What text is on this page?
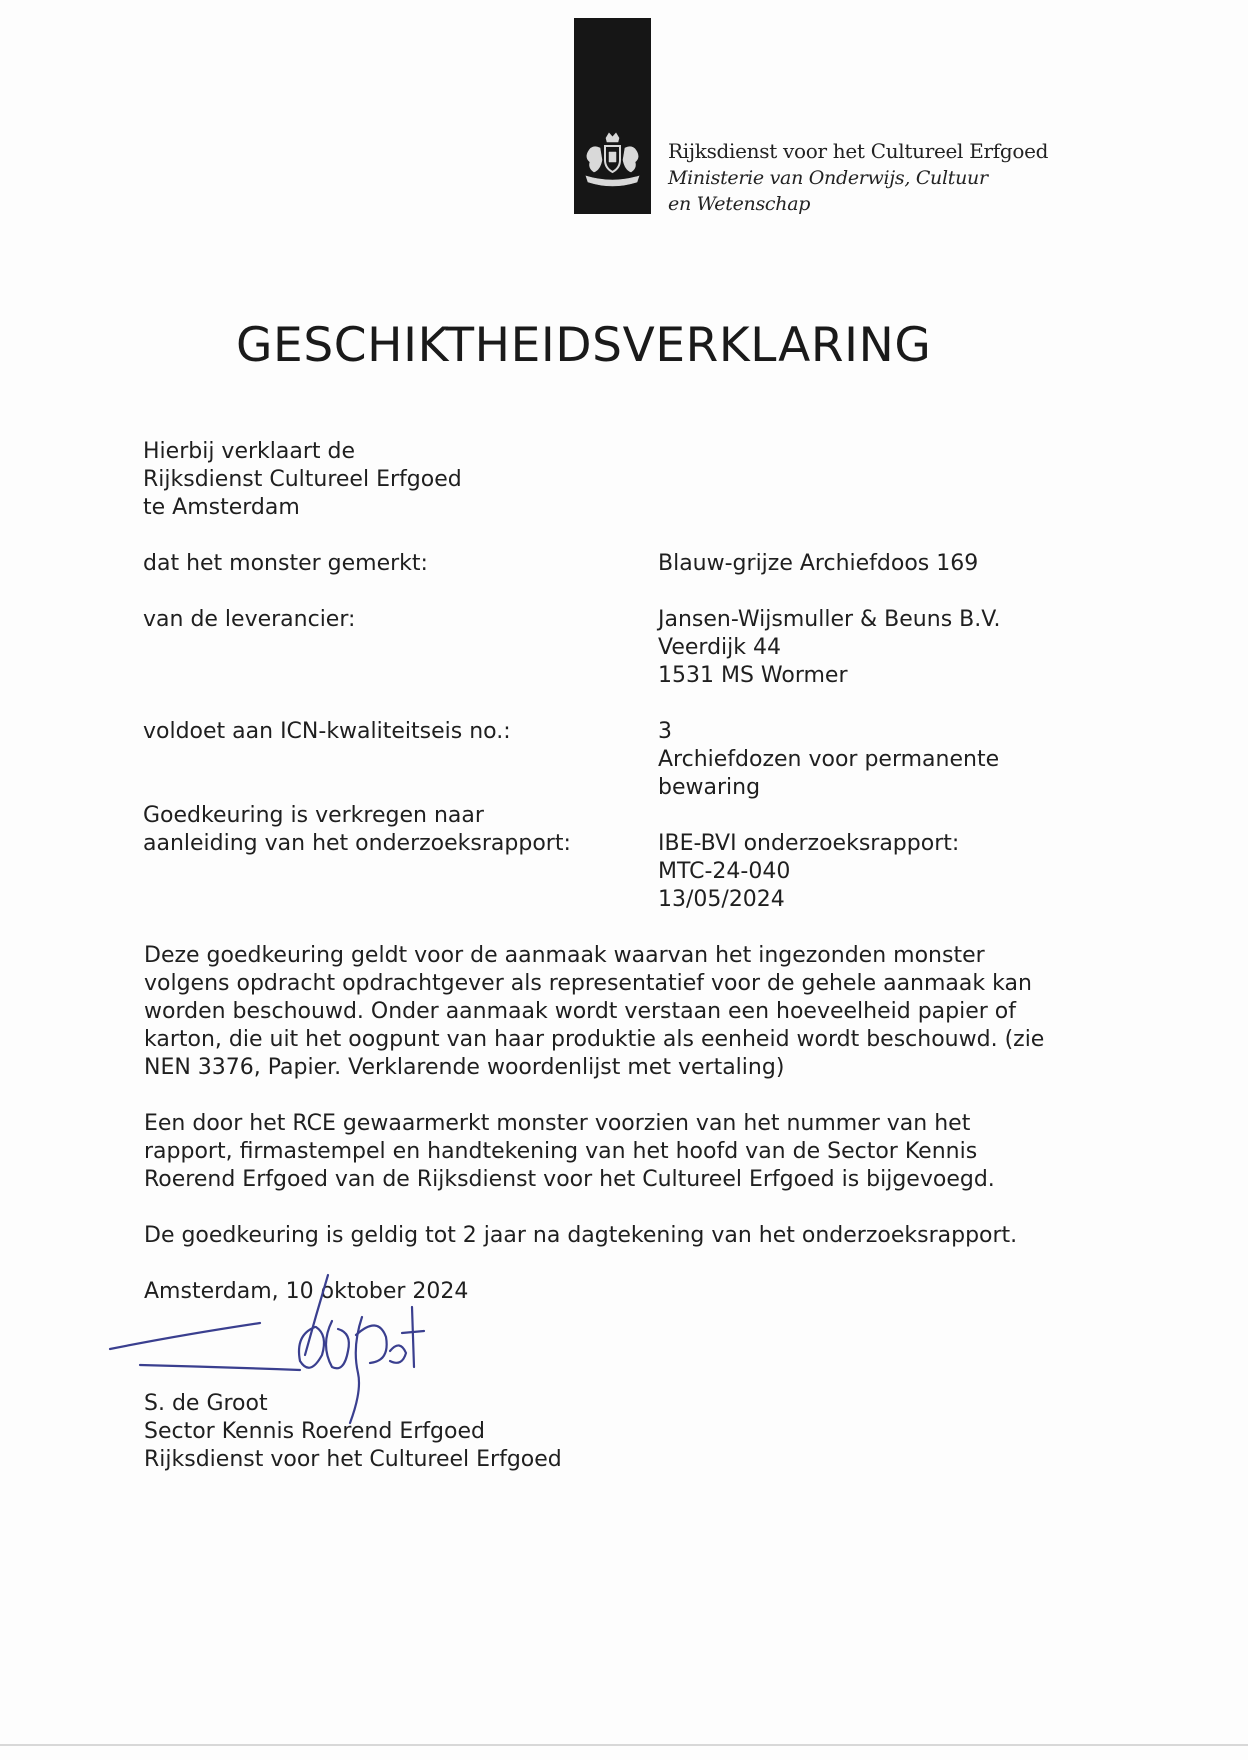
Rijksdienst voor het Cultureel Erfgoed
Ministerie van Onderwijs, Cultuur en Wetenschap
GESCHIKTHEIDSVERKLARING

Hierbij verklaart de

Rijksdienst Cultureel Erfgoed

te Amsterdam

dat het monster gemerkt:	Blauw-grijze Archiefdoos 169

van de leverancier:	Jansen-Wijsmuller & Beuns B.V.

Veerdijk 44

1531 MS Wormer

voldoet aan ICN-kwaliteitseis no.:	3

Archiefdozen voor permanente

bewaring

Goedkeuring is verkregen naar

aanleiding van het onderzoeksrapport:	IBE-BVI onderzoeksrapport:

MTC-24-040

13/05/2024

Deze goedkeuring geldt voor de aanmaak waarvan het ingezonden monster

volgens opdracht opdrachtgever als representatief voor de gehele aanmaak kan

worden beschouwd. Onder aanmaak wordt verstaan een hoeveelheid papier of

karton, die uit het oogpunt van haar produktie als eenheid wordt beschouwd. (zie

NEN 3376, Papier. Verklarende woordenlijst met vertaling)

Een door het RCE gewaarmerkt monster voorzien van het nummer van het

rapport, firmastempel en handtekening van het hoofd van de Sector Kennis

Roerend Erfgoed van de Rijksdienst voor het Cultureel Erfgoed is bijgevoegd.

De goedkeuring is geldig tot 2 jaar na dagtekening van het onderzoeksrapport.

Amsterdam, 10 oktober 2024

S. de Groot

Sector Kennis Roerend Erfgoed

Rijksdienst voor het Cultureel Erfgoed
